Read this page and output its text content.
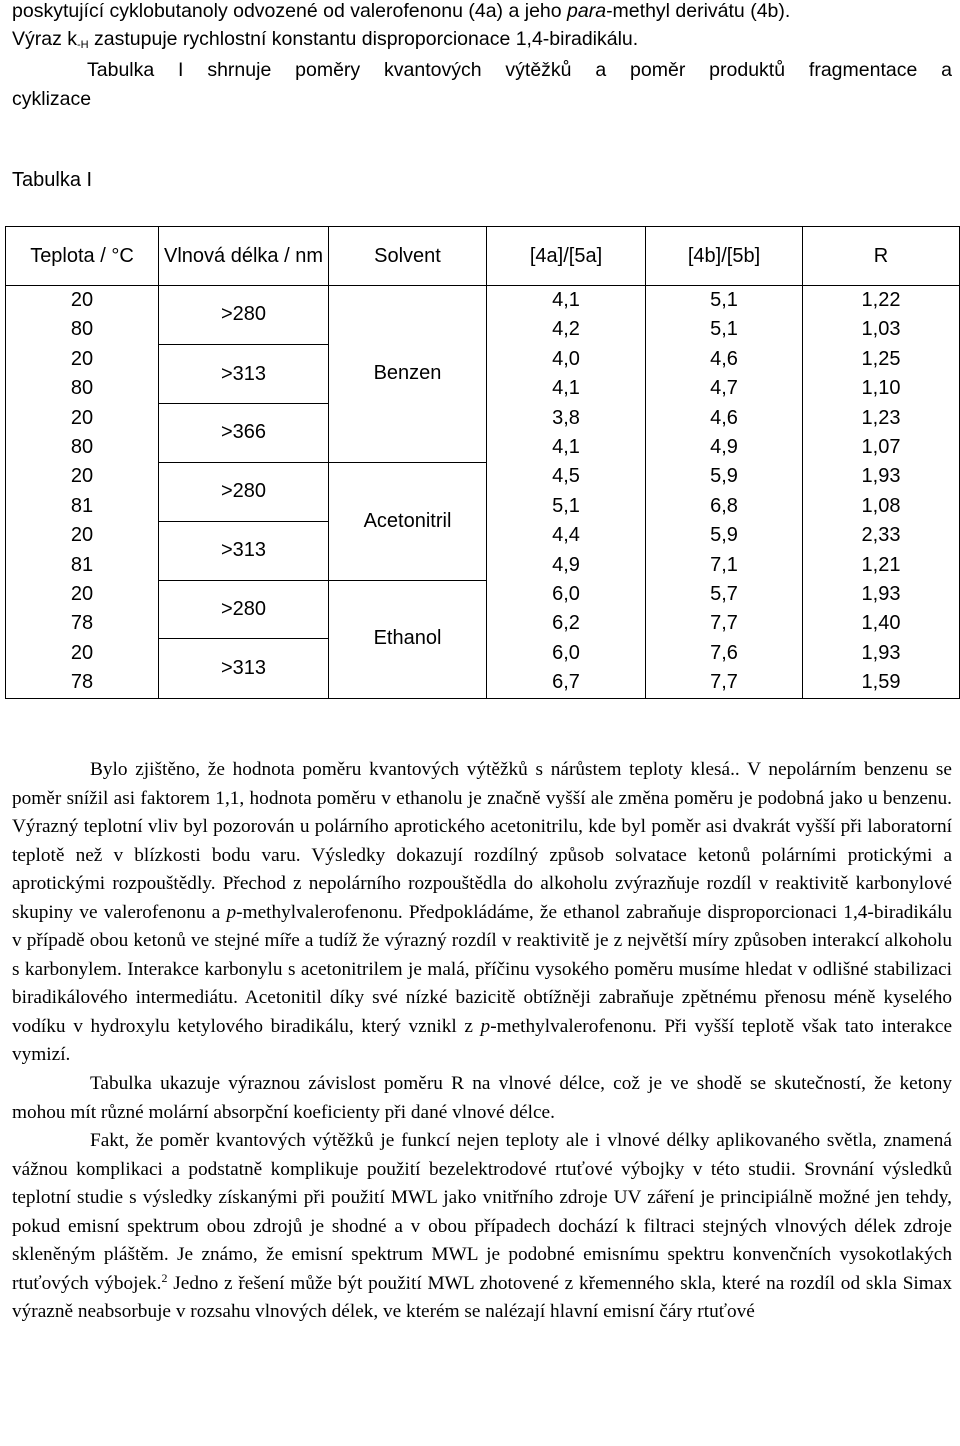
poskytující cyklobutanoly odvozené od valerofenonu (4a) a jeho para-methyl derivátu (4b).

Výraz $k_{-H}$ zastupuje rychlostní konstantu disproporcionace 1,4-biradikálu.

Tabulka I shrnuje poměry kvantových výtěžků a poměr produktů fragmentace a

cyklizace

Tabulka I
Teplota / °C	Vlnová délka / nm	Solvent	[4a]/[5a]	[4b]/[5b]	R
20	>280	Benzen	4,1	5,1	1,22
80			4,2	5,1	1,03
20	>313		4,0	4,6	1,25
80			4,1	4,7	1,10
20	>366		3,8	4,6	1,23
80			4,1	4,9	1,07
20	>280	Acetonitril	4,5	5,9	1,93
81			5,1	6,8	1,08
20	>313		4,4	5,9	2,33
81			4,9	7,1	1,21
20	>280	Ethanol	6,0	5,7	1,93
78			6,2	7,7	1,40
20	>313		6,0	7,6	1,93
78			6,7	7,7	1,59

Bylo zjištěno, že hodnota poměru kvantových výtěžků s nárůstem teploty klesá.. V nepolárním benzenu se poměr snížil asi faktorem 1,1, hodnota poměru v ethanolu je značně vyšší ale změna poměru je podobná jako u benzenu. Výrazný teplotní vliv byl pozorován u polárního aprotického acetonitrilu, kde byl poměr asi dvakrát vyšší při laboratorní teplotě než v blízkosti bodu varu. Výsledky dokazují rozdílný způsob solvatace ketonů polárními protickými a aprotickými rozpouštědly. Přechod z nepolárního rozpouštědla do alkoholu zvýrazňuje rozdíl v reaktivitě karbonylové skupiny ve valerofenonu a p-methylvalerofenonu. Předpokládáme, že ethanol zabraňuje disproporcionaci 1,4-biradikálu v případě obou ketonů ve stejné míře a tudíž že výrazný rozdíl v reaktivitě je z největší míry způsoben interakcí alkoholu s karbonylem. Interakce karbonylu s acetonitrilem je malá, příčinu vysokého poměru musíme hledat v odlišné stabilizaci biradikálového intermediátu. Acetonitil díky své nízké bazicitě obtížněji zabraňuje zpětnému přenosu méně kyselého vodíku v hydroxylu ketylového biradikálu, který vznikl z p-methylvalerofenonu. Při vyšší teplotě však tato interakce vymizí.

Tabulka ukazuje výraznou závislost poměru R na vlnové délce, což je ve shodě se skutečností, že ketony mohou mít různé molární absorpční koeficienty při dané vlnové délce.

Fakt, že poměr kvantových výtěžků je funkcí nejen teploty ale i vlnové délky aplikovaného světla, znamená vážnou komplikaci a podstatně komplikuje použití bezelektrodové rtuťové výbojky v této studii. Srovnání výsledků teplotní studie s výsledky získanými při použití MWL jako vnitřního zdroje UV záření je principiálně možné jen tehdy, pokud emisní spektrum obou zdrojů je shodné a v obou případech dochází k filtraci stejných vlnových délek zdroje skleněným pláštěm. Je známo, že emisní spektrum MWL je podobné emisnímu spektru konvenčních vysokotlakých rtuťových výbojek.$^2$ Jedno z řešení může být použití MWL zhotovené z křemenného skla, které na rozdíl od skla Simax výrazně neabsorbuje v rozsahu vlnových délek, ve kterém se nalézají hlavní emisní čáry rtuťové
